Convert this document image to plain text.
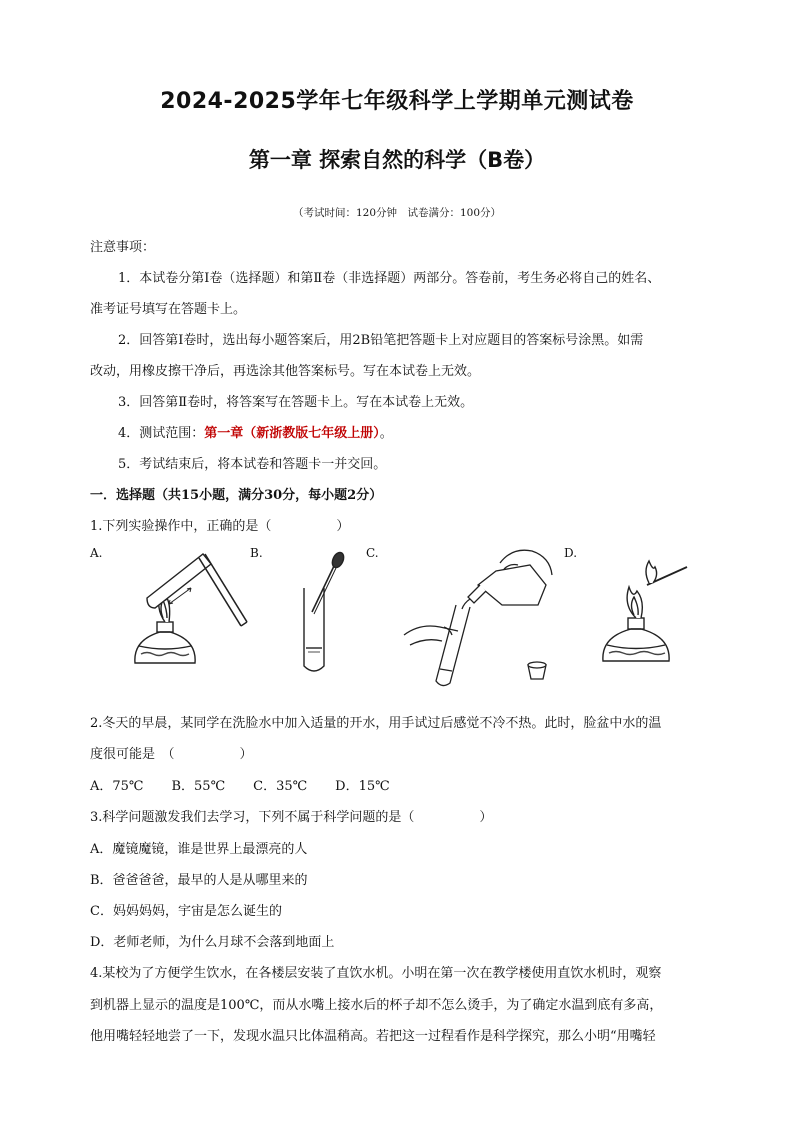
2024-2025学年七年级科学上学期单元测试卷
第一章 探索自然的科学（B卷）
（考试时间：120分钟　试卷满分：100分）
注意事项：
1．本试卷分第Ⅰ卷（选择题）和第Ⅱ卷（非选择题）两部分。答卷前，考生务必将自己的姓名、
准考证号填写在答题卡上。
2．回答第Ⅰ卷时，选出每小题答案后，用2B铅笔把答题卡上对应题目的答案标号涂黑。如需
改动，用橡皮擦干净后，再选涂其他答案标号。写在本试卷上无效。
3．回答第Ⅱ卷时，将答案写在答题卡上。写在本试卷上无效。
4．测试范围：第一章（新浙教版七年级上册）。
5．考试结束后，将本试卷和答题卡一并交回。
一．选择题（共15小题，满分30分，每小题2分）
1.下列实验操作中，正确的是（　　　　　）
A.	B.	C.	D.
2.冬天的早晨，某同学在洗脸水中加入适量的开水，用手试过后感觉不冷不热。此时，脸盆中水的温
度很可能是　（　　　　　）
A．75℃ B．55℃ C．35℃ D．15℃
3.科学问题激发我们去学习，下列不属于科学问题的是（　　　　　）
A．魔镜魔镜，谁是世界上最漂亮的人
B．爸爸爸爸，最早的人是从哪里来的
C．妈妈妈妈，宇宙是怎么诞生的
D．老师老师，为什么月球不会落到地面上
4.某校为了方便学生饮水，在各楼层安装了直饮水机。小明在第一次在教学楼使用直饮水机时，观察
到机器上显示的温度是100℃，而从水嘴上接水后的杯子却不怎么烫手，为了确定水温到底有多高，
他用嘴轻轻地尝了一下，发现水温只比体温稍高。若把这一过程看作是科学探究，那么小明“用嘴轻
